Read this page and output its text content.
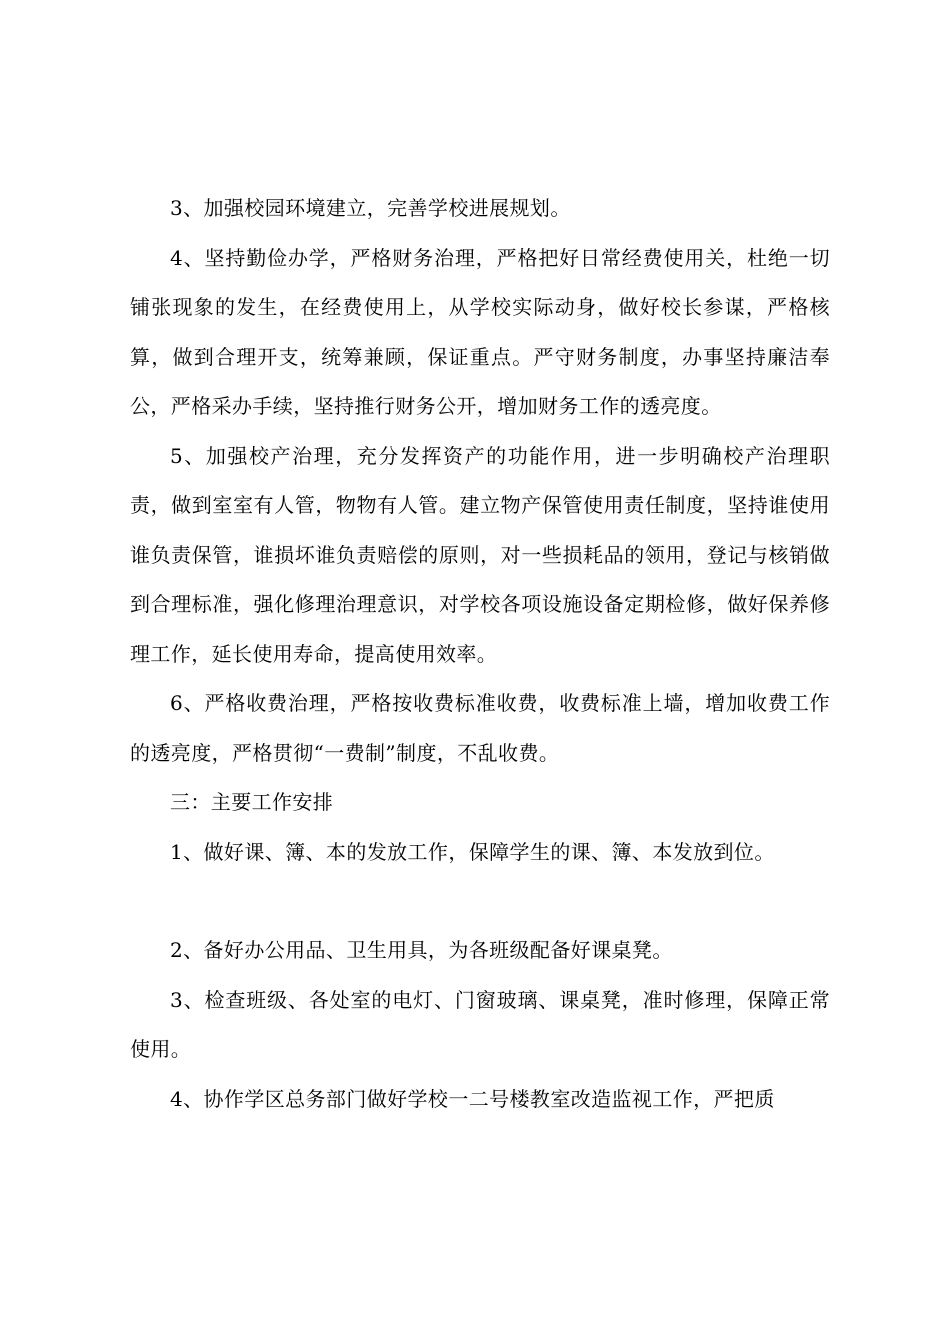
3、加强校园环境建立，完善学校进展规划。

4、坚持勤俭办学，严格财务治理，严格把好日常经费使用关，杜绝一切铺张现象的发生，在经费使用上，从学校实际动身，做好校长参谋，严格核算，做到合理开支，统筹兼顾，保证重点。严守财务制度，办事坚持廉洁奉公，严格采办手续，坚持推行财务公开，增加财务工作的透亮度。

5、加强校产治理，充分发挥资产的功能作用，进一步明确校产治理职责，做到室室有人管，物物有人管。建立物产保管使用责任制度，坚持谁使用谁负责保管，谁损坏谁负责赔偿的原则，对一些损耗品的领用，登记与核销做到合理标准，强化修理治理意识，对学校各项设施设备定期检修，做好保养修理工作，延长使用寿命，提高使用效率。

6、严格收费治理，严格按收费标准收费，收费标准上墙，增加收费工作的透亮度，严格贯彻“一费制”制度，不乱收费。

三：主要工作安排

1、做好课、簿、本的发放工作，保障学生的课、簿、本发放到位。

2、备好办公用品、卫生用具，为各班级配备好课桌凳。

3、检查班级、各处室的电灯、门窗玻璃、课桌凳，准时修理，保障正常使用。

4、协作学区总务部门做好学校一二号楼教室改造监视工作，严把质
